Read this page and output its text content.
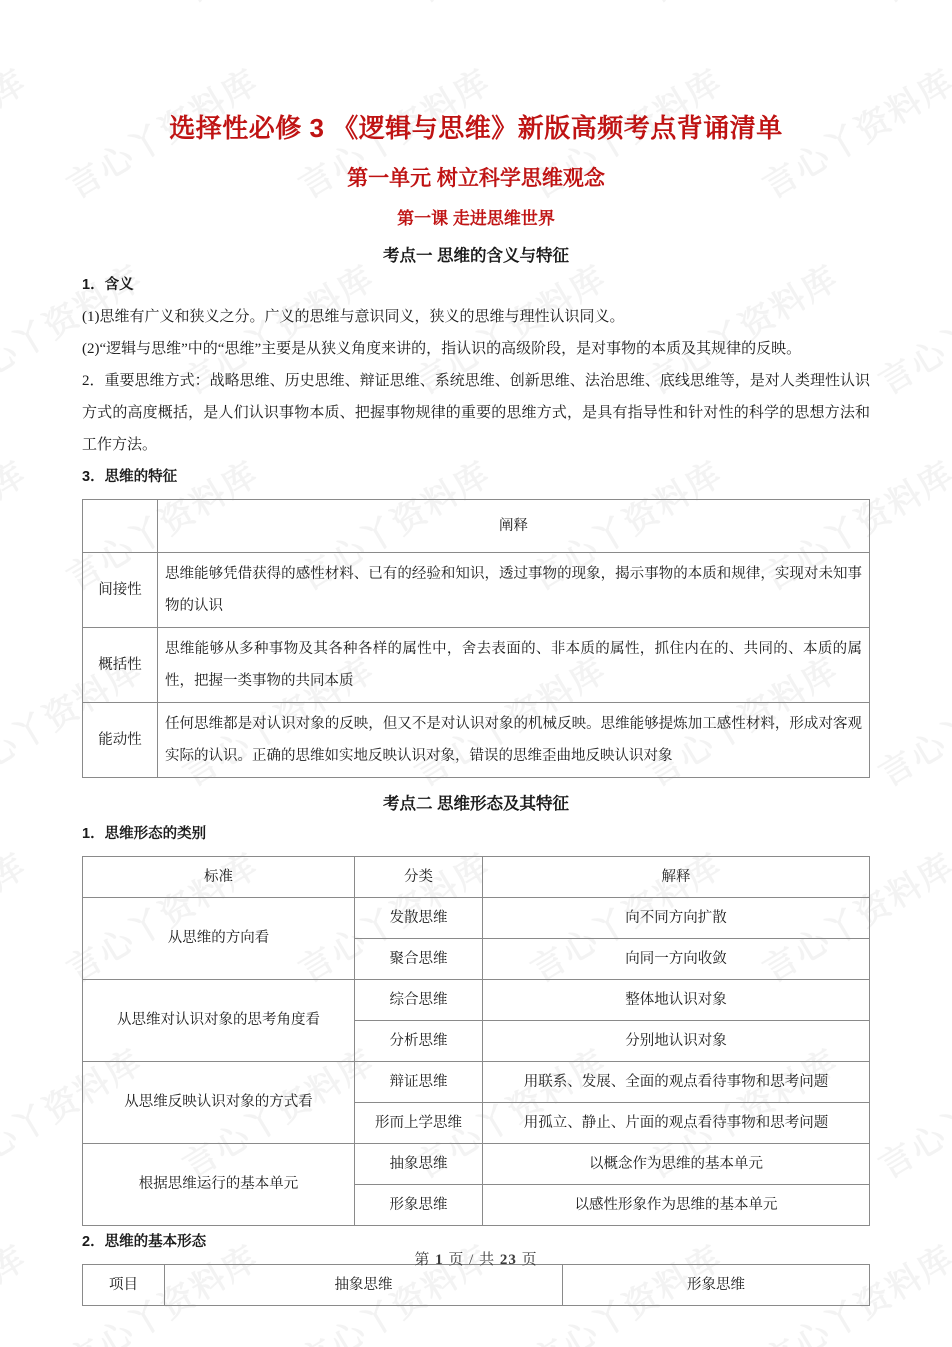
选择性必修 3 《逻辑与思维》新版高频考点背诵清单
第一单元 树立科学思维观念
第一课 走进思维世界
考点一 思维的含义与特征

1．含义

(1)思维有广义和狭义之分。广义的思维与意识同义，狭义的思维与理性认识同义。

(2)“逻辑与思维”中的“思维”主要是从狭义角度来讲的，指认识的高级阶段，是对事物的本质及其规律的反映。

2．重要思维方式：战略思维、历史思维、辩证思维、系统思维、创新思维、法治思维、底线思维等，是对人类理性认识方式的高度概括，是人们认识事物本质、把握事物规律的重要的思维方式，是具有指导性和针对性的科学的思想方法和工作方法。

3．思维的特征

	阐释
间接性	思维能够凭借获得的感性材料、已有的经验和知识，透过事物的现象，揭示事物的本质和规律，实现对未知事物的认识
概括性	思维能够从多种事物及其各种各样的属性中，舍去表面的、非本质的属性，抓住内在的、共同的、本质的属性，把握一类事物的共同本质
能动性	任何思维都是对认识对象的反映，但又不是对认识对象的机械反映。思维能够提炼加工感性材料，形成对客观实际的认识。正确的思维如实地反映认识对象，错误的思维歪曲地反映认识对象
考点二 思维形态及其特征

1．思维形态的类别

标准	分类	解释
从思维的方向看	发散思维	向不同方向扩散
	聚合思维	向同一方向收敛
从思维对认识对象的思考角度看	综合思维	整体地认识对象
	分析思维	分别地认识对象
从思维反映认识对象的方式看	辩证思维	用联系、发展、全面的观点看待事物和思考问题
	形而上学思维	用孤立、静止、片面的观点看待事物和思考问题
根据思维运行的基本单元	抽象思维	以概念作为思维的基本单元
	形象思维	以感性形象作为思维的基本单元

2．思维的基本形态

项目	抽象思维	形象思维
第 1 页 / 共 23 页
